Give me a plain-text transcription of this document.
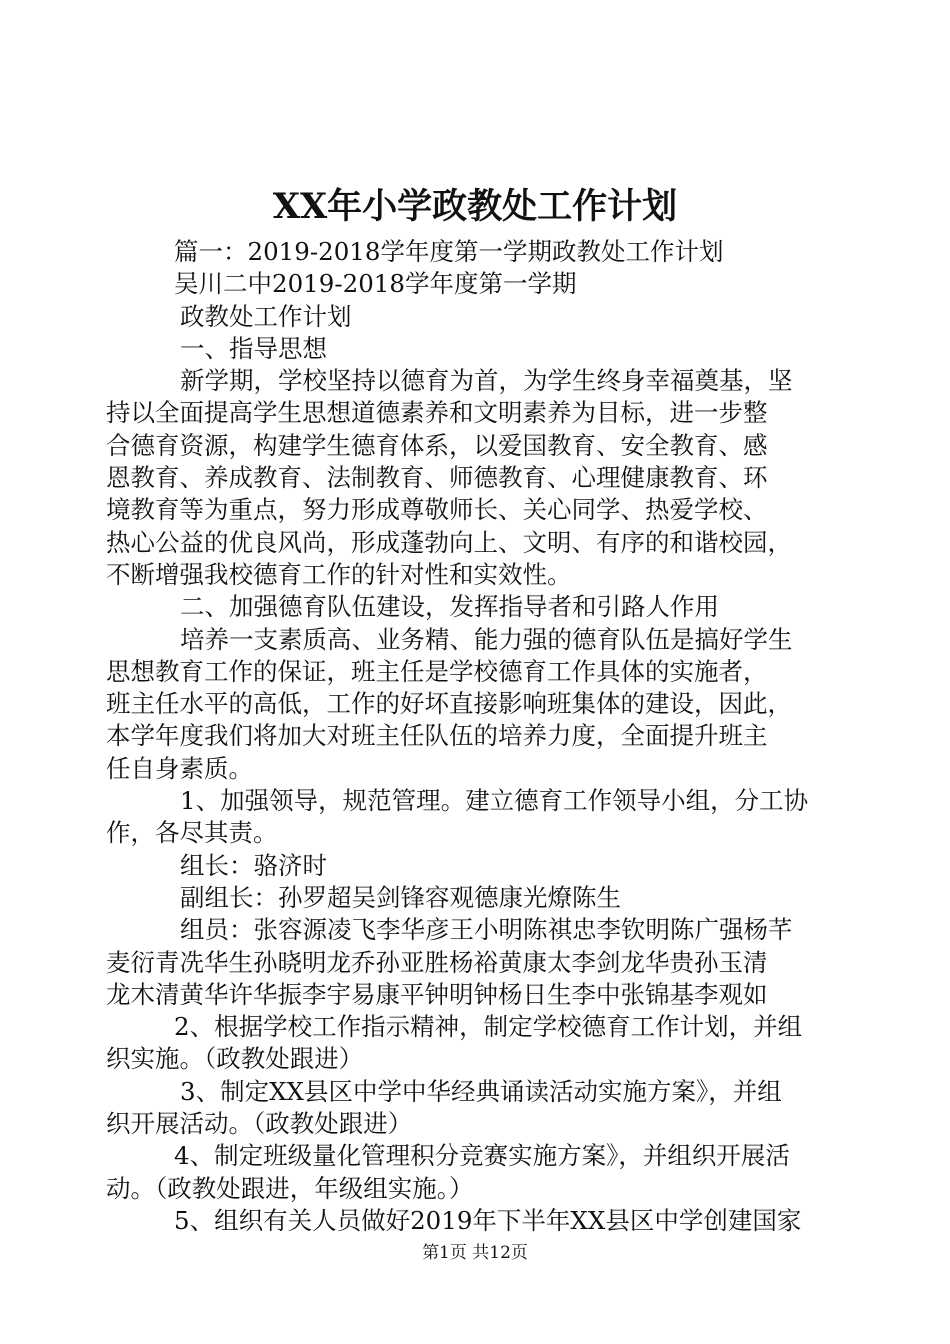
XX年小学政教处工作计划
篇一：2019-2018学年度第一学期政教处工作计划
吴川二中2019-2018学年度第一学期
政教处工作计划
一、指导思想
新学期，学校坚持以德育为首，为学生终身幸福奠基，坚
持以全面提高学生思想道德素养和文明素养为目标，进一步整
合德育资源，构建学生德育体系，以爱国教育、安全教育、感
恩教育、养成教育、法制教育、师德教育、心理健康教育、环
境教育等为重点，努力形成尊敬师长、关心同学、热爱学校、
热心公益的优良风尚，形成蓬勃向上、文明、有序的和谐校园，
不断增强我校德育工作的针对性和实效性。
二、加强德育队伍建设，发挥指导者和引路人作用
培养一支素质高、业务精、能力强的德育队伍是搞好学生
思想教育工作的保证，班主任是学校德育工作具体的实施者，
班主任水平的高低，工作的好坏直接影响班集体的建设，因此，
本学年度我们将加大对班主任队伍的培养力度，全面提升班主
任自身素质。
1、加强领导，规范管理。建立德育工作领导小组，分工协
作，各尽其责。
组长：骆济时
副组长：孙罗超吴剑锋容观德康光燎陈生
组员：张容源凌飞李华彦王小明陈祺忠李钦明陈广强杨芊
麦衍青冼华生孙晓明龙乔孙亚胜杨裕黄康太李剑龙华贵孙玉清
龙木清黄华许华振李宇易康平钟明钟杨日生李中张锦基李观如
2、根据学校工作指示精神，制定学校德育工作计划，并组
织实施。（政教处跟进）
3、制定XX县区中学中华经典诵读活动实施方案》，并组
织开展活动。（政教处跟进）
4、制定班级量化管理积分竞赛实施方案》，并组织开展活
动。（政教处跟进，年级组实施。）
5、组织有关人员做好2019年下半年XX县区中学创建国家
第1页 共12页
